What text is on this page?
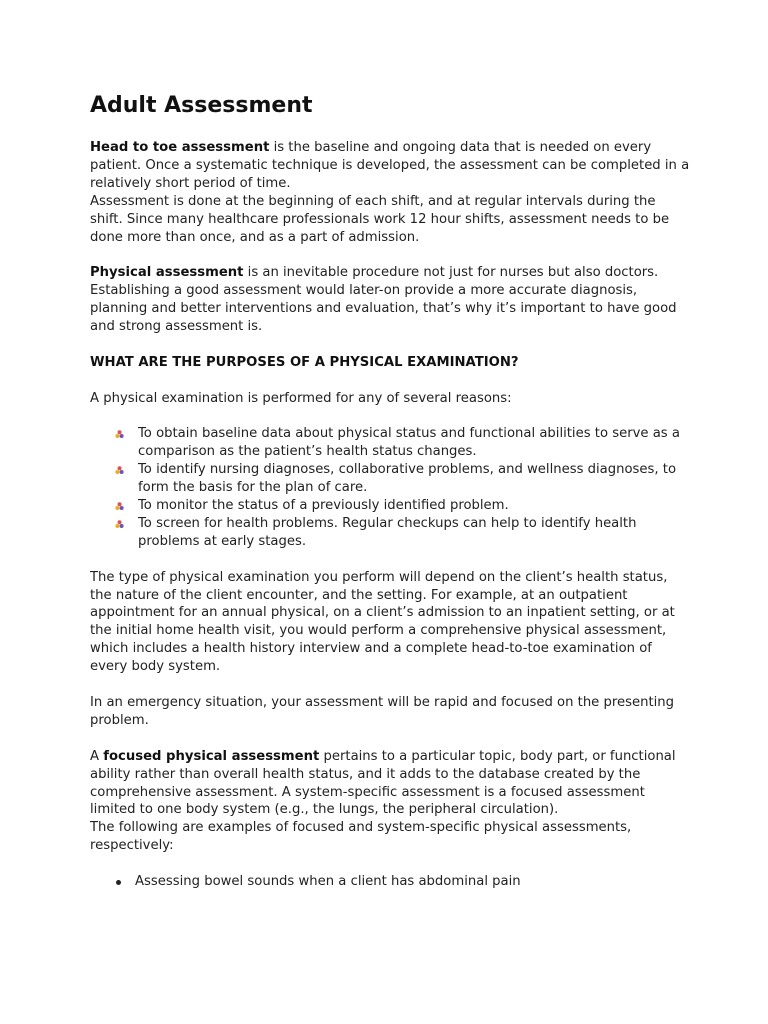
Adult Assessment

Head to toe assessment is the baseline and ongoing data that is needed on every patient. Once a systematic technique is developed, the assessment can be completed in a relatively short period of time.

Assessment is done at the beginning of each shift, and at regular intervals during the shift. Since many healthcare professionals work 12 hour shifts, assessment needs to be done more than once, and as a part of admission.

Physical assessment is an inevitable procedure not just for nurses but also doctors. Establishing a good assessment would later-on provide a more accurate diagnosis, planning and better interventions and evaluation, that’s why it’s important to have good and strong assessment is.

WHAT ARE THE PURPOSES OF A PHYSICAL EXAMINATION?

A physical examination is performed for any of several reasons:

To obtain baseline data about physical status and functional abilities to serve as a comparison as the patient’s health status changes.
To identify nursing diagnoses, collaborative problems, and wellness diagnoses, to form the basis for the plan of care.
To monitor the status of a previously identified problem.
To screen for health problems. Regular checkups can help to identify health problems at early stages.

The type of physical examination you perform will depend on the client’s health status, the nature of the client encounter, and the setting. For example, at an outpatient appointment for an annual physical, on a client’s admission to an inpatient setting, or at the initial home health visit, you would perform a comprehensive physical assessment, which includes a health history interview and a complete head-to-toe examination of every body system.

In an emergency situation, your assessment will be rapid and focused on the presenting problem.

A focused physical assessment pertains to a particular topic, body part, or functional ability rather than overall health status, and it adds to the database created by the comprehensive assessment. A system-specific assessment is a focused assessment limited to one body system (e.g., the lungs, the peripheral circulation).

The following are examples of focused and system-specific physical assessments, respectively:

Assessing bowel sounds when a client has abdominal pain
